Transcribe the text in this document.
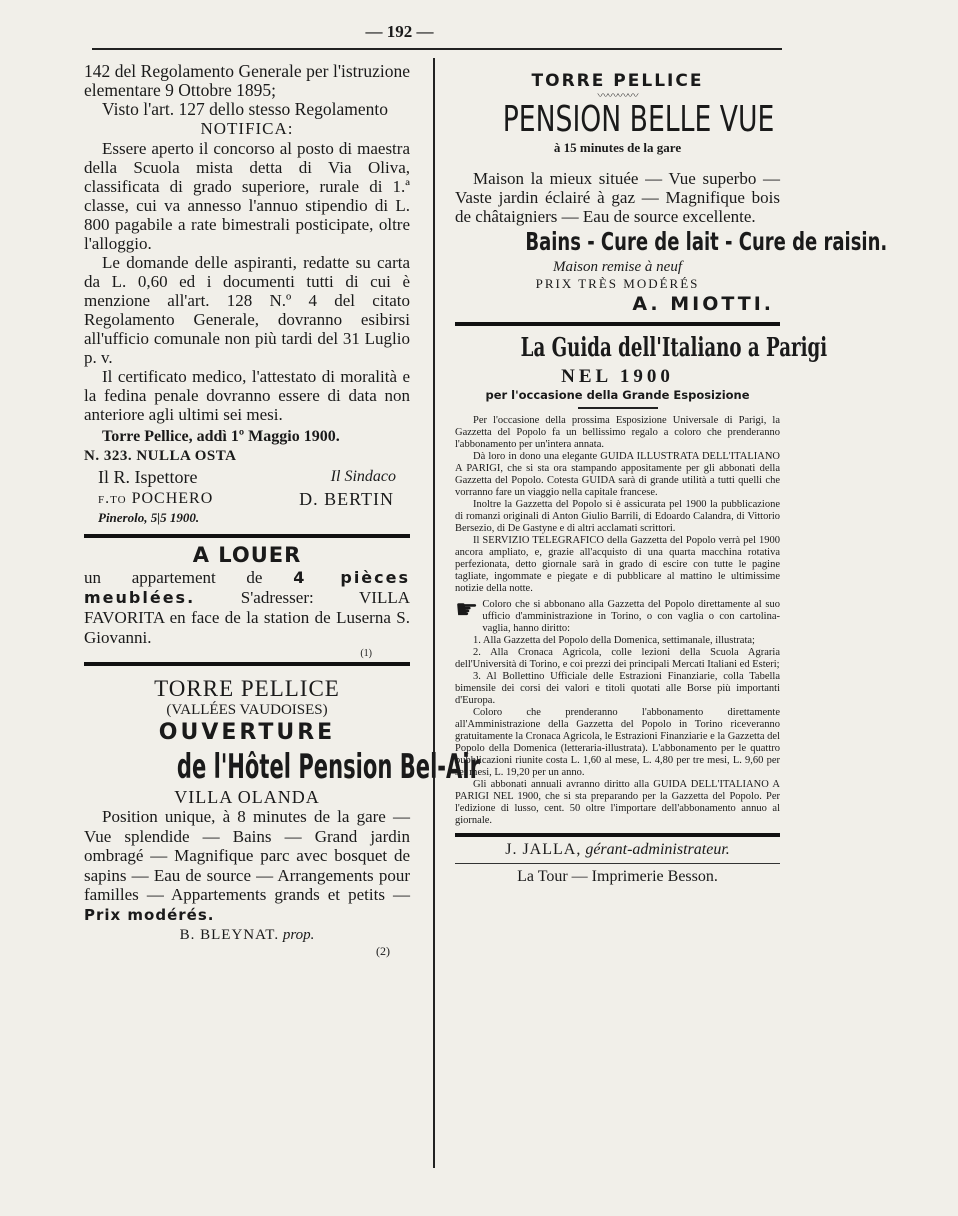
— 192 —

142 del Regolamento Generale per l'istruzione elementare 9 Ottobre 1895;

Visto l'art. 127 dello stesso Regolamento

NOTIFICA:

Essere aperto il concorso al posto di maestra della Scuola mista detta di Via Oliva, classificata di grado superiore, rurale di 1.ª classe, cui va annesso l'annuo stipendio di L. 800 pagabile a rate bimestrali posticipate, oltre l'alloggio.

Le domande delle aspiranti, redatte su carta da L. 0,60 ed i documenti tutti di cui è menzione all'art. 128 N.º 4 del citato Regolamento Generale, dovranno esibirsi all'ufficio comunale non più tardi del 31 Luglio p. v.

Il certificato medico, l'attestato di moralità e la fedina penale dovranno essere di data non anteriore agli ultimi sei mesi.

Torre Pellice, addì 1º Maggio 1900.

N. 323. NULLA OSTA

Il R. Ispettore	Il Sindaco
f.to POCHERO	D. BERTIN

Pinerolo, 5|5 1900.

A LOUER

un appartement de 4 pièces meublées.	S'adresser: VILLA FAVORITA en face de la station de Luserna S. Giovanni.

(1)

TORRE PELLICE

(VALLÉES VAUDOISES)

OUVERTURE

de l'Hôtel Pension Bel-Air

VILLA OLANDA

Position unique, à 8 minutes de la gare — Vue splendide — Bains — Grand jardin ombragé — Magnifique parc avec bosquet de sapins — Eau de source — Arrangements pour familles — Appartements grands et petits — Prix modérés.

B. BLEYNAT. prop.

(2)

TORRE PELLICE

〰〰〰〰

PENSION BELLE VUE

à 15 minutes de la gare

Maison la mieux située — Vue superbo — Vaste jardin éclairé à gaz — Magnifique bois de châtaigniers — Eau de source excellente.

Bains - Cure de lait - Cure de raisin.

Maison remise à neuf

PRIX TRÈS MODÉRÉS

A. MIOTTI.

La Guida dell'Italiano a Parigi

NEL 1900

per l'occasione della Grande Esposizione

Per l'occasione della prossima Esposizione Universale di Parigi, la Gazzetta del Popolo fa un bellissimo regalo a coloro che prenderanno l'abbonamento per un'intera annata.

Dà loro in dono una elegante GUIDA ILLUSTRATA DELL'ITALIANO A PARIGI, che si sta ora stampando appositamente per gli abbonati della Gazzetta del Popolo. Cotesta GUIDA sarà di grande utilità a tutti quelli che vorranno fare un viaggio nella capitale francese.

Inoltre la Gazzetta del Popolo si è assicurata pel 1900 la pubblicazione di romanzi originali di Anton Giulio Barrili, di Edoardo Calandra, di Vittorio Bersezio, di De Gastyne e di altri acclamati scrittori.

Il SERVIZIO TELEGRAFICO della Gazzetta del Popolo verrà pel 1900 ancora ampliato, e, grazie all'acquisto di una quarta macchina rotativa perfezionata, detto giornale sarà in grado di escire con tutte le pagine tagliate, ingommate e piegate e di pubblicare al mattino le ultimissime notizie della notte.

☛ Coloro che si abbonano alla Gazzetta del Popolo direttamente al suo ufficio d'amministrazione in Torino, o con vaglia o con cartolina-vaglia, hanno diritto:

1. Alla Gazzetta del Popolo della Domenica, settimanale, illustrata;

2. Alla Cronaca Agricola, colle lezioni della Scuola Agraria dell'Università di Torino, e coi prezzi dei principali Mercati Italiani ed Esteri;

3. Al Bollettino Ufficiale delle Estrazioni Finanziarie, colla Tabella bimensile dei corsi dei valori e titoli quotati alle Borse più importanti d'Europa.

Coloro che prenderanno l'abbonamento direttamente all'Amministrazione della Gazzetta del Popolo in Torino riceveranno gratuitamente la Cronaca Agricola, le Estrazioni Finanziarie e la Gazzetta del Popolo della Domenica (letteraria-illustrata). L'abbonamento per le quattro pubblicazioni riunite costa L. 1,60 al mese, L. 4,80 per tre mesi, L. 9,60 per sei mesi, L. 19,20 per un anno.

Gli abbonati annuali avranno diritto alla GUIDA DELL'ITALIANO A PARIGI NEL 1900, che si sta preparando per la Gazzetta del Popolo. Per l'edizione di lusso, cent. 50 oltre l'importare dell'abbonamento annuo al giornale.

J. JALLA, gérant-administrateur.

La Tour — Imprimerie Besson.
